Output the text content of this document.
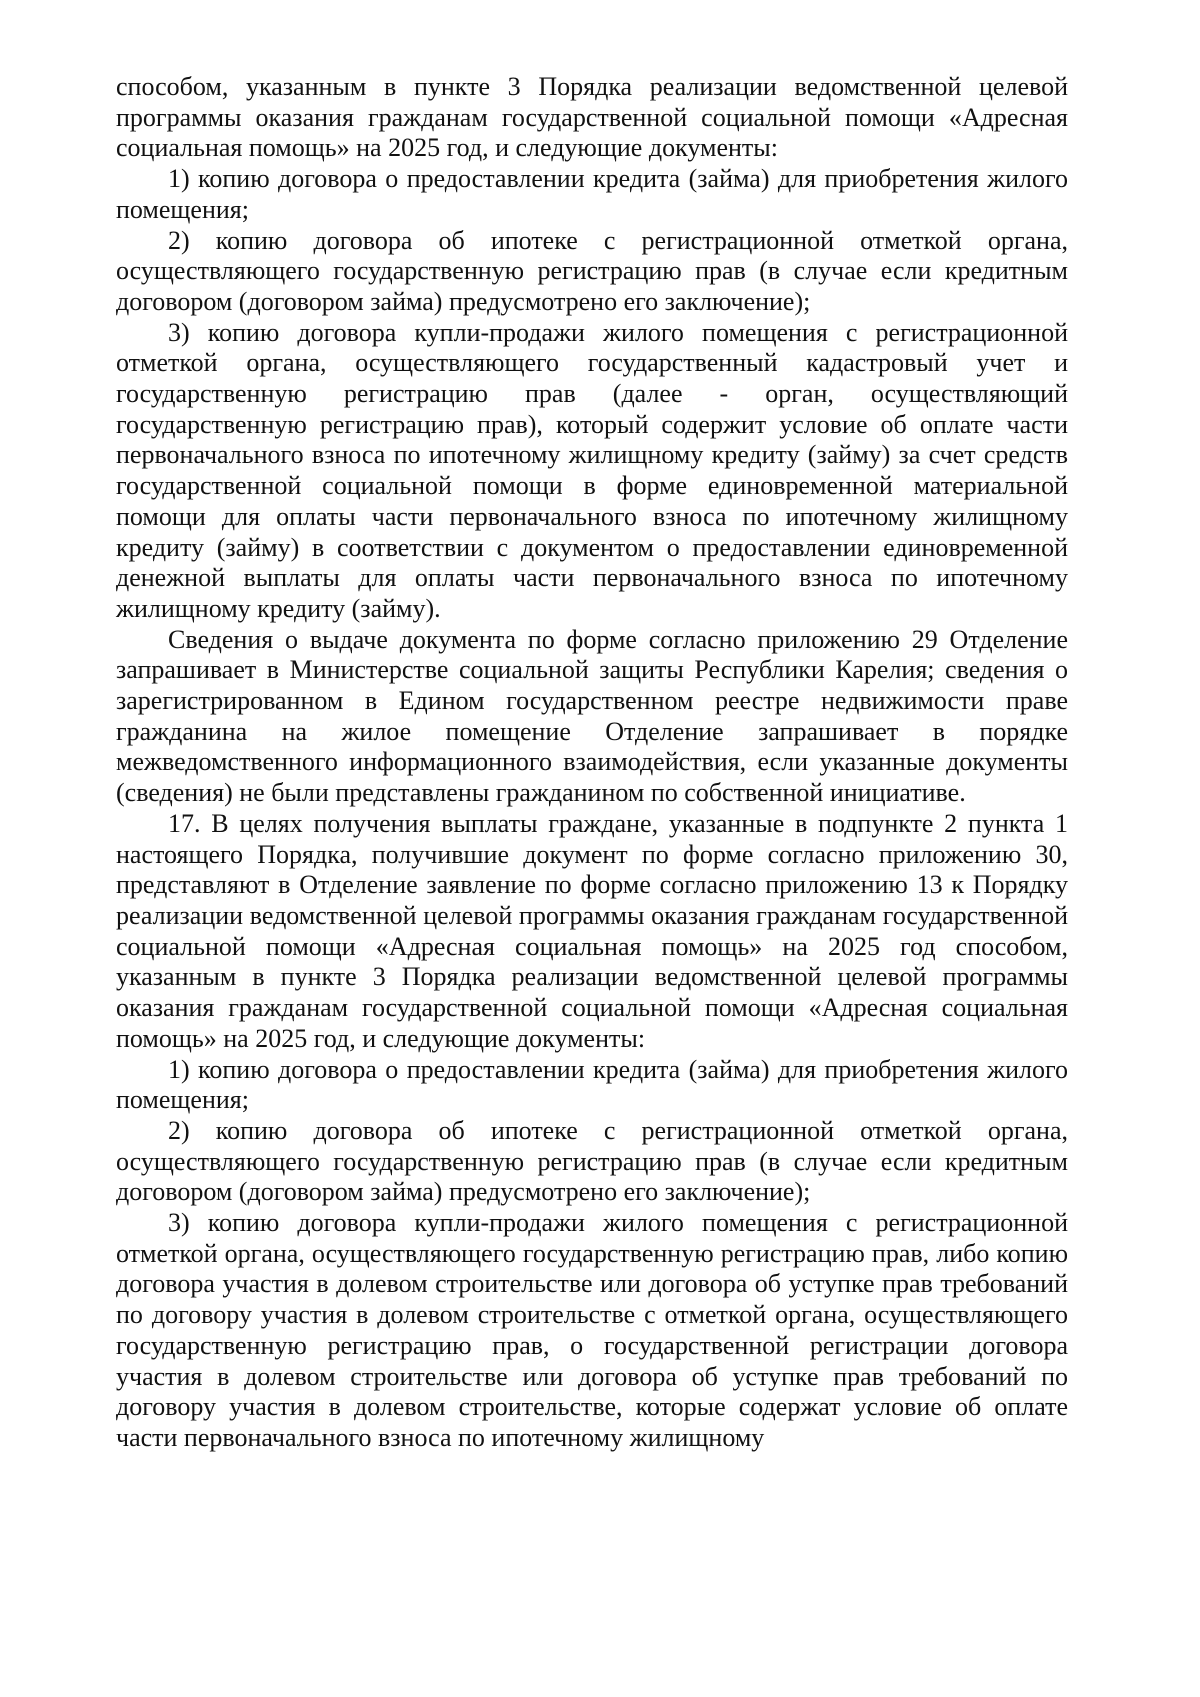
способом, указанным в пункте 3 Порядка реализации ведомственной целевой программы оказания гражданам государственной социальной помощи «Адресная социальная помощь» на 2025 год, и следующие документы:

1) копию договора о предоставлении кредита (займа) для приобретения жилого помещения;

2) копию договора об ипотеке с регистрационной отметкой органа, осуществляющего государственную регистрацию прав (в случае если кредитным договором (договором займа) предусмотрено его заключение);

3) копию договора купли-продажи жилого помещения с регистрационной отметкой органа, осуществляющего государственный кадастровый учет и государственную регистрацию прав (далее - орган, осуществляющий государственную регистрацию прав), который содержит условие об оплате части первоначального взноса по ипотечному жилищному кредиту (займу) за счет средств государственной социальной помощи в форме единовременной материальной помощи для оплаты части первоначального взноса по ипотечному жилищному кредиту (займу) в соответствии с документом о предоставлении единовременной денежной выплаты для оплаты части первоначального взноса по ипотечному жилищному кредиту (займу).

Сведения о выдаче документа по форме согласно приложению 29 Отделение запрашивает в Министерстве социальной защиты Республики Карелия; сведения о зарегистрированном в Едином государственном реестре недвижимости праве гражданина на жилое помещение Отделение запрашивает в порядке межведомственного информационного взаимодействия, если указанные документы (сведения) не были представлены гражданином по собственной инициативе.

17. В целях получения выплаты граждане, указанные в подпункте 2 пункта 1 настоящего Порядка, получившие документ по форме согласно приложению 30, представляют в Отделение заявление по форме согласно приложению 13 к Порядку реализации ведомственной целевой программы оказания гражданам государственной социальной помощи «Адресная социальная помощь» на 2025 год способом, указанным в пункте 3 Порядка реализации ведомственной целевой программы оказания гражданам государственной социальной помощи «Адресная социальная помощь» на 2025 год, и следующие документы:

1) копию договора о предоставлении кредита (займа) для приобретения жилого помещения;

2) копию договора об ипотеке с регистрационной отметкой органа, осуществляющего государственную регистрацию прав (в случае если кредитным договором (договором займа) предусмотрено его заключение);

3) копию договора купли-продажи жилого помещения с регистрационной отметкой органа, осуществляющего государственную регистрацию прав, либо копию договора участия в долевом строительстве или договора об уступке прав требований по договору участия в долевом строительстве с отметкой органа, осуществляющего государственную регистрацию прав, о государственной регистрации договора участия в долевом строительстве или договора об уступке прав требований по договору участия в долевом строительстве, которые содержат условие об оплате части первоначального взноса по ипотечному жилищному
